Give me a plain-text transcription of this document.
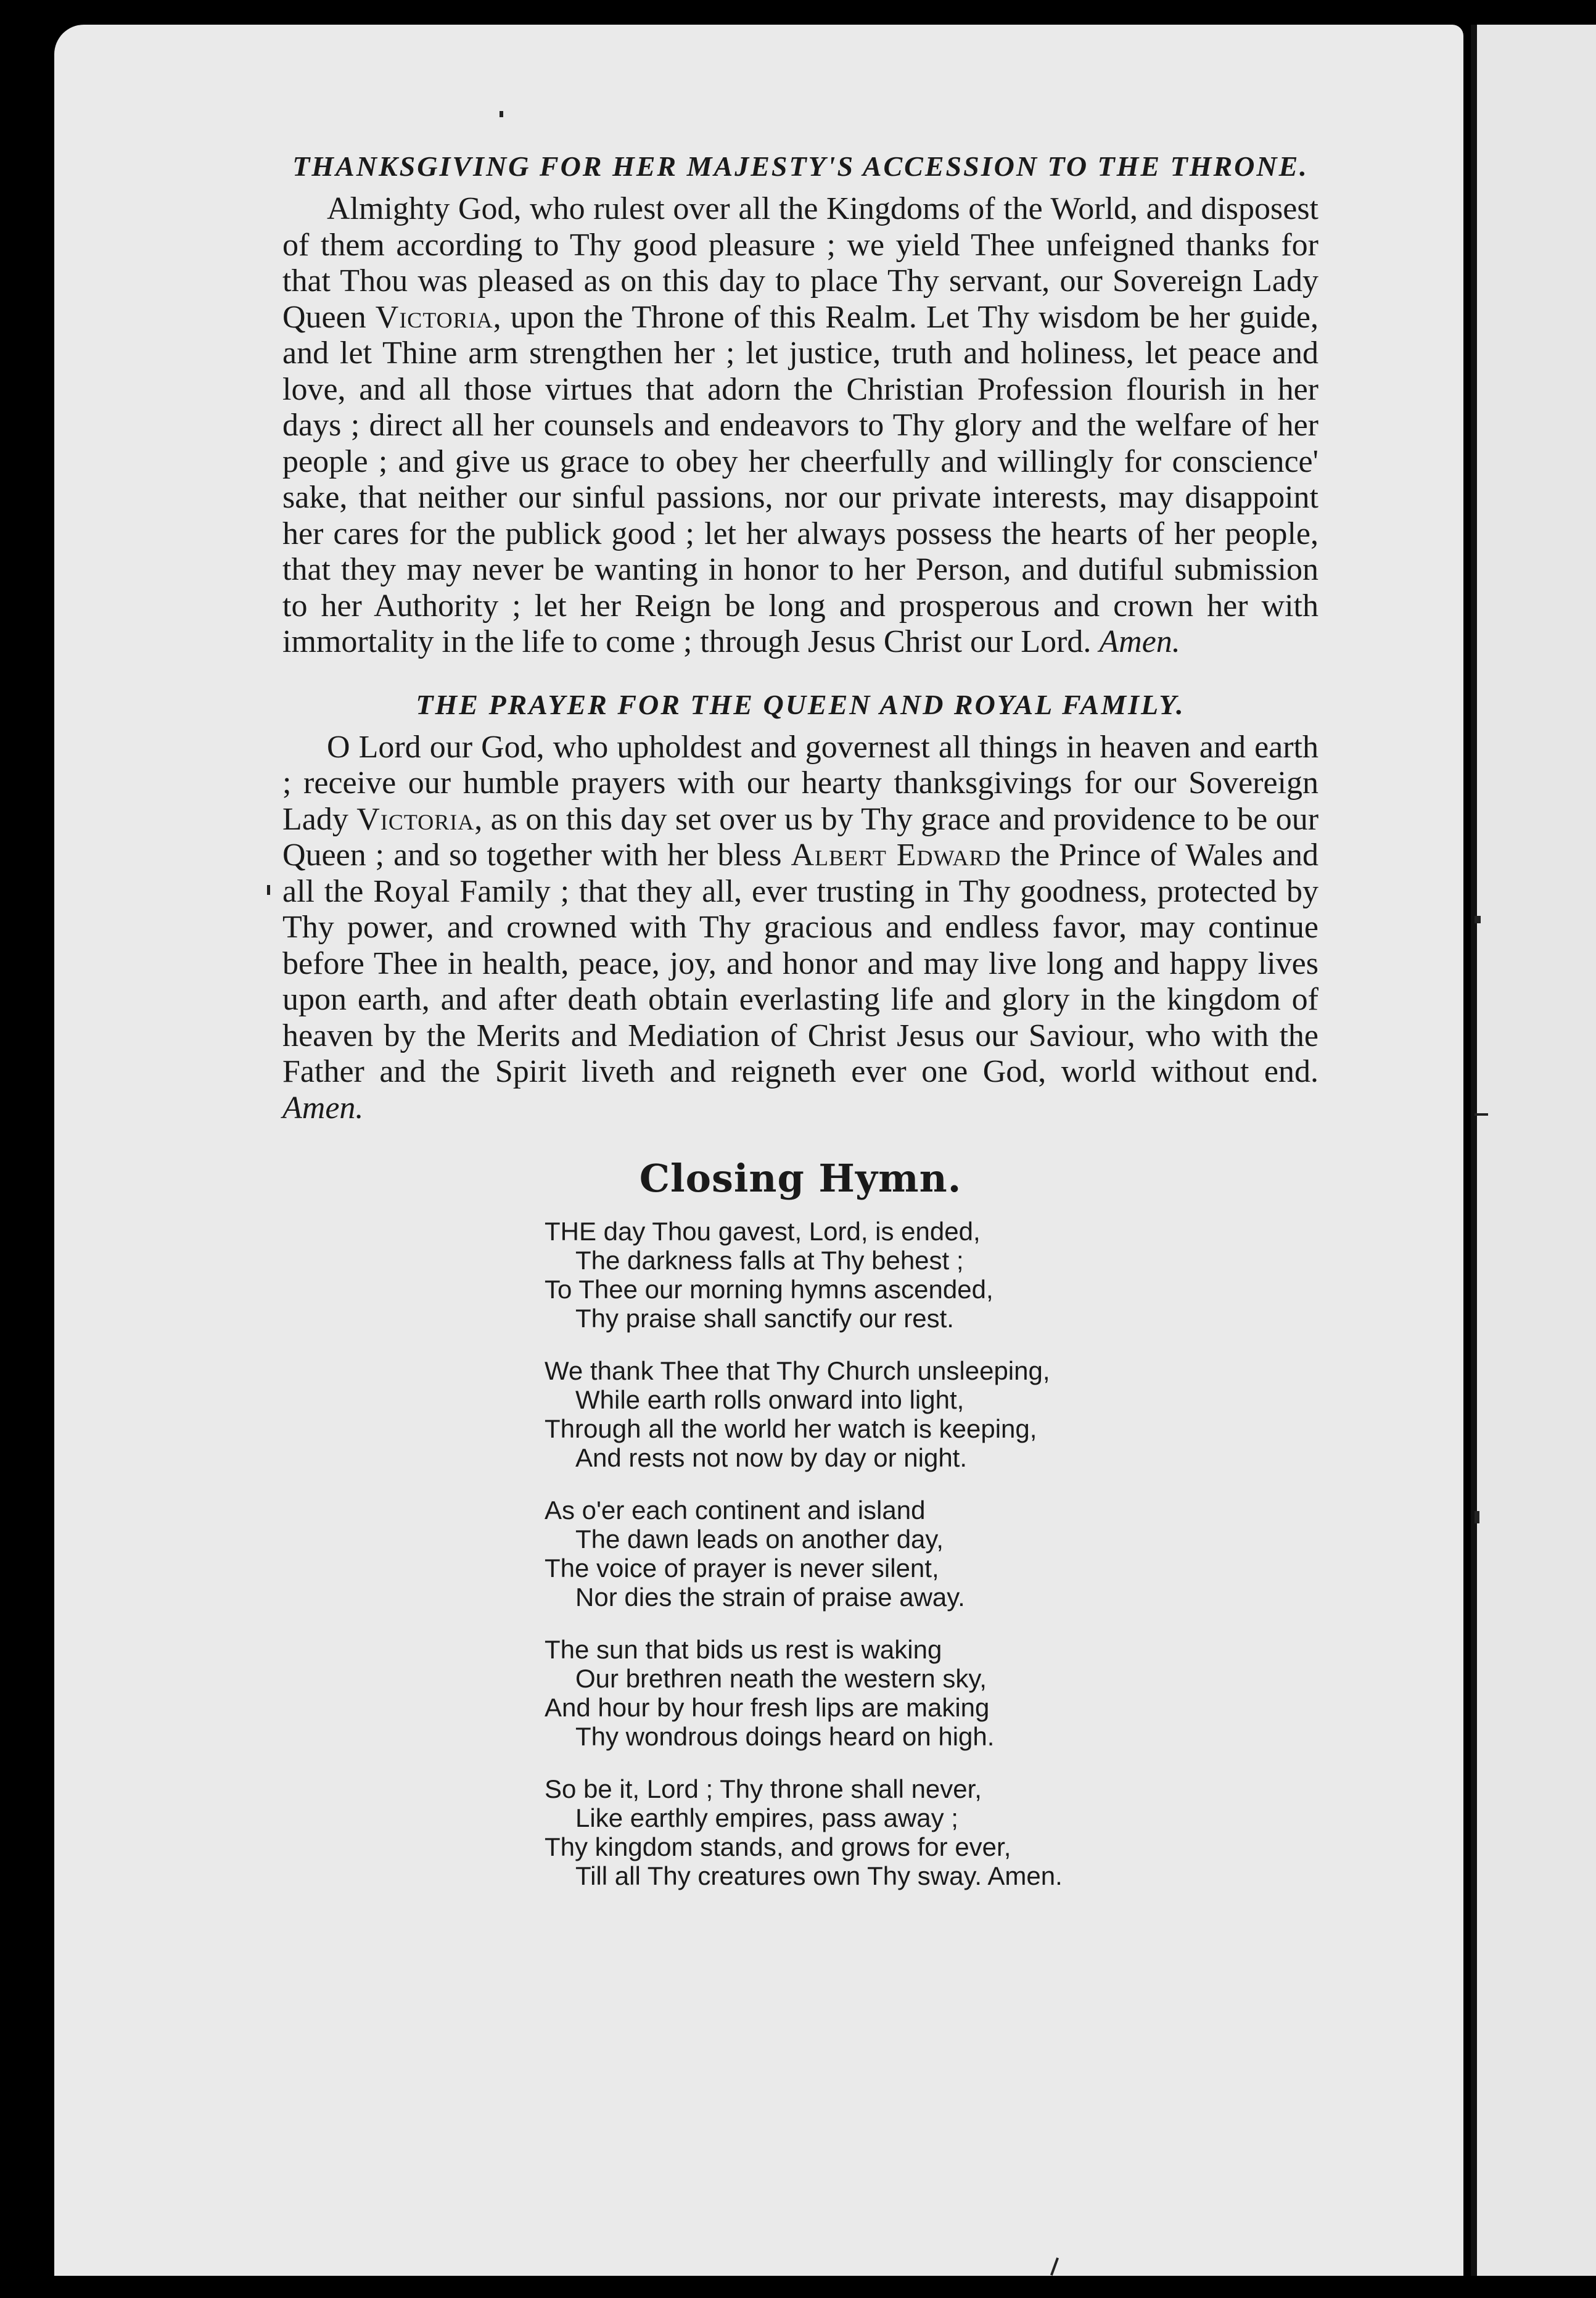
THANKSGIVING FOR HER MAJESTY'S ACCESSION TO THE THRONE.

Almighty God, who rulest over all the Kingdoms of the World, and disposest of them according to Thy good pleasure ; we yield Thee unfeigned thanks for that Thou was pleased as on this day to place Thy servant, our Sovereign Lady Queen Victoria, upon the Throne of this Realm. Let Thy wisdom be her guide, and let Thine arm strengthen her ; let justice, truth and holiness, let peace and love, and all those virtues that adorn the Christian Profession flourish in her days ; direct all her counsels and endeavors to Thy glory and the welfare of her people ; and give us grace to obey her cheerfully and willingly for conscience' sake, that neither our sinful passions, nor our private interests, may disappoint her cares for the publick good ; let her always possess the hearts of her people, that they may never be wanting in honor to her Person, and dutiful submission to her Authority ; let her Reign be long and prosperous and crown her with immortality in the life to come ; through Jesus Christ our Lord. Amen.

THE PRAYER FOR THE QUEEN AND ROYAL FAMILY.

O Lord our God, who upholdest and governest all things in heaven and earth ; receive our humble prayers with our hearty thanksgivings for our Sovereign Lady Victoria, as on this day set over us by Thy grace and providence to be our Queen ; and so together with her bless Albert Edward the Prince of Wales and all the Royal Family ; that they all, ever trusting in Thy goodness, protected by Thy power, and crowned with Thy gracious and endless favor, may continue before Thee in health, peace, joy, and honor and may live long and happy lives upon earth, and after death obtain everlasting life and glory in the kingdom of heaven by the Merits and Mediation of Christ Jesus our Saviour, who with the Father and the Spirit liveth and reigneth ever one God, world without end. Amen.

Closing Hymn.
THE day Thou gavest, Lord, is ended,
The darkness falls at Thy behest ;
To Thee our morning hymns ascended,
Thy praise shall sanctify our rest.
We thank Thee that Thy Church unsleeping,
While earth rolls onward into light,
Through all the world her watch is keeping,
And rests not now by day or night.
As o'er each continent and island
The dawn leads on another day,
The voice of prayer is never silent,
Nor dies the strain of praise away.
The sun that bids us rest is waking
Our brethren neath the western sky,
And hour by hour fresh lips are making
Thy wondrous doings heard on high.
So be it, Lord ; Thy throne shall never,
Like earthly empires, pass away ;
Thy kingdom stands, and grows for ever,
Till all Thy creatures own Thy sway. Amen.
